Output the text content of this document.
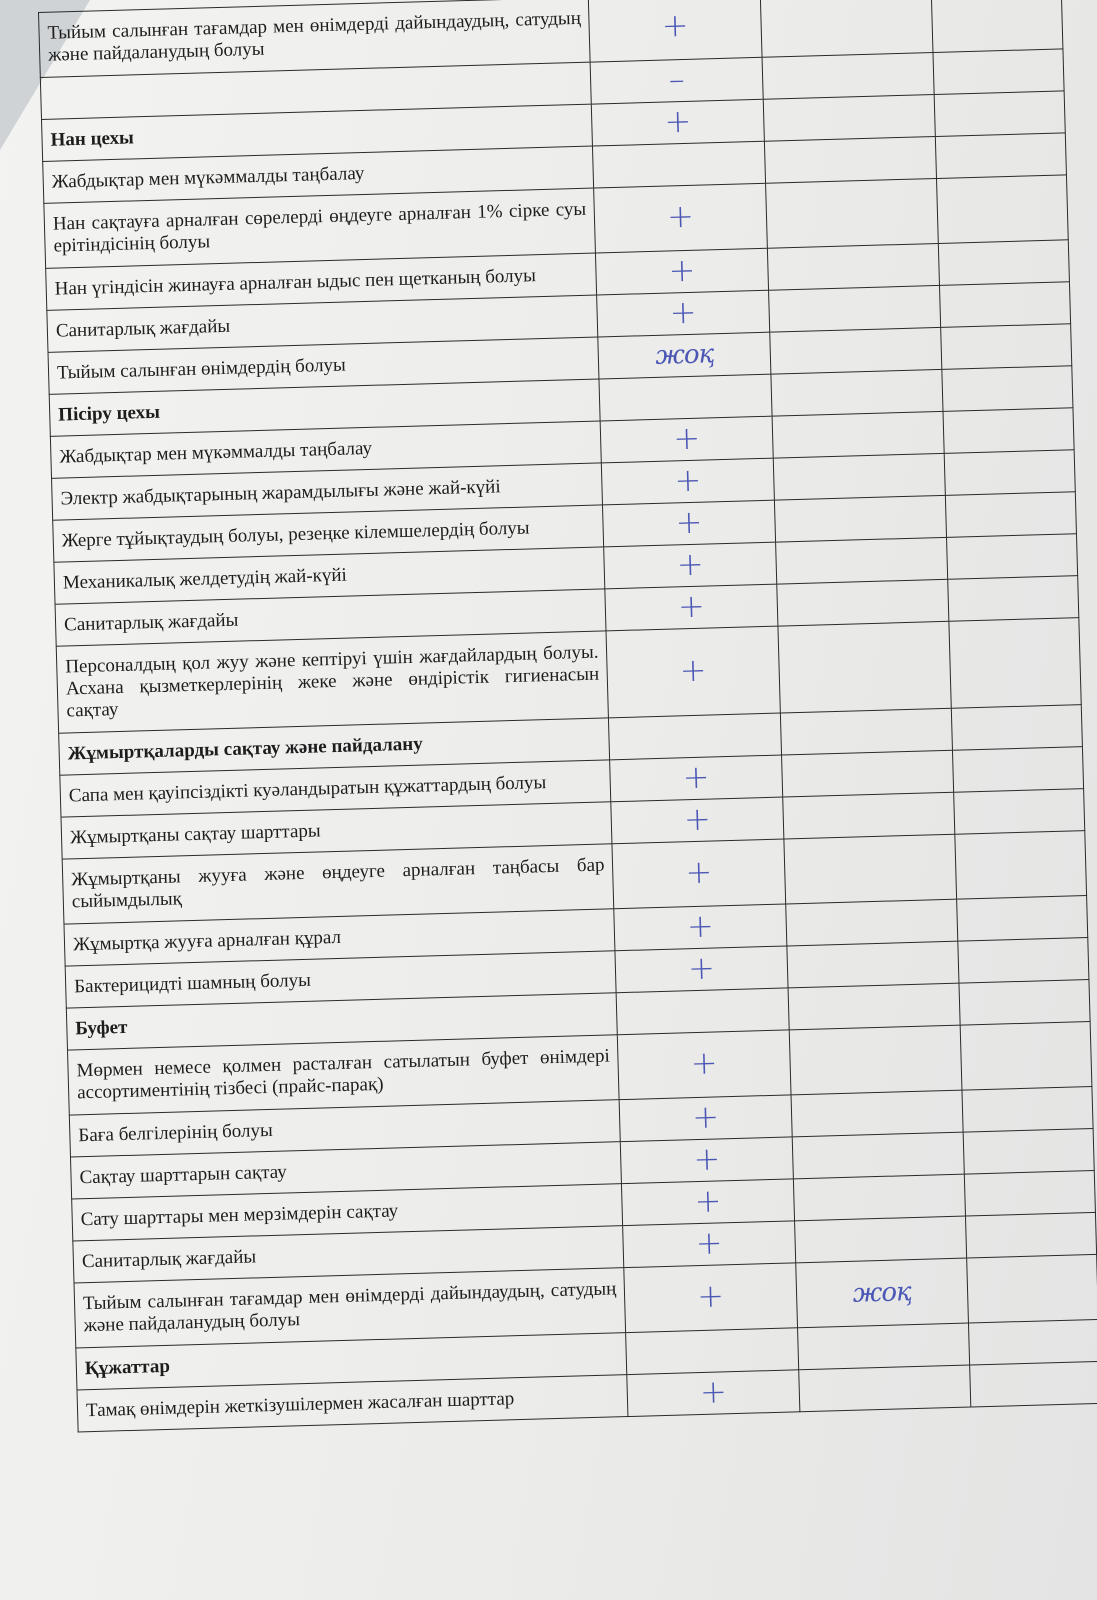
Тыйым салынған тағамдар мен өнімдерді дайындаудың, сатудың және пайдаланудың болуы	+		
	–		
Нан цехы	+		
Жабдықтар мен мүкәммалды таңбалау			
Нан сақтауға арналған сөрелерді өңдеуге арналған 1% сірке суы ерітіндісінің болуы	+		
Нан үгіндісін жинауға арналған ыдыс пен щетканың болуы	+		
Санитарлық жағдайы	+		
Тыйым салынған өнімдердің болуы	жоқ		
Пісіру цехы			
Жабдықтар мен мүкәммалды таңбалау	+		
Электр жабдықтарының жарамдылығы және жай-күйі	+		
Жерге тұйықтаудың болуы, резеңке кілемшелердің болуы	+		
Механикалық желдетудің жай-күйі	+		
Санитарлық жағдайы	+		
Персоналдың қол жуу және кептіруі үшін жағдайлардың болуы. Асхана қызметкерлерінің жеке және өндірістік гигиенасын сақтау	+		
Жұмыртқаларды сақтау және пайдалану			
Сапа мен қауіпсіздікті куәландыратын құжаттардың болуы	+		
Жұмыртқаны сақтау шарттары	+		
Жұмыртқаны жууға және өңдеуге арналған таңбасы бар сыйымдылық	+		
Жұмыртқа жууға арналған құрал	+		
Бактерицидті шамның болуы	+		
Буфет			
Мөрмен немесе қолмен расталған сатылатын буфет өнімдері ассортиментінің тізбесі (прайс-парақ)	+		
Баға белгілерінің болуы	+		
Сақтау шарттарын сақтау	+		
Сату шарттары мен мерзімдерін сақтау	+		
Санитарлық жағдайы	+		
Тыйым салынған тағамдар мен өнімдерді дайындаудың, сатудың және пайдаланудың болуы	+	жоқ	
Құжаттар			
Тамақ өнімдерін жеткізушілермен жасалған шарттар	+		
